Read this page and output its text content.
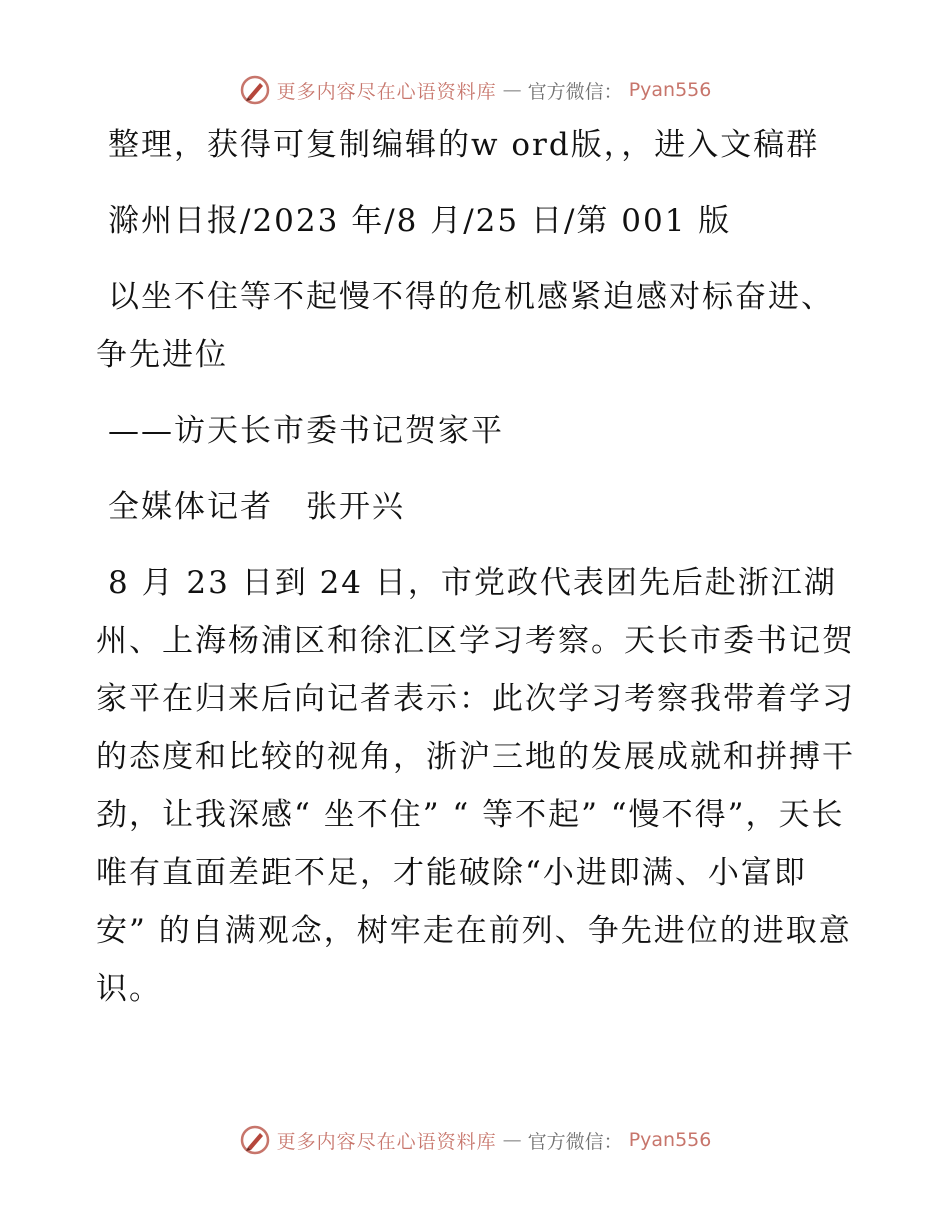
更多内容尽在心语资料库 — 官方微信： Pyan556

整理，获得可复制编辑的w ord版，，进入文稿群

滁州日报/2023 年/8 月/25 日/第 001 版

以坐不住等不起慢不得的危机感紧迫感对标奋进、争先进位

——访天长市委书记贺家平

全媒体记者　张开兴

8 月 23 日到 24 日，市党政代表团先后赴浙江湖州、上海杨浦区和徐汇区学习考察。天长市委书记贺家平在归来后向记者表示：此次学习考察我带着学习的态度和比较的视角，浙沪三地的发展成就和拼搏干劲，让我深感“ 坐不住” “ 等不起” “慢不得”，天长唯有直面差距不足，才能破除“小进即满、小富即安” 的自满观念，树牢走在前列、争先进位的进取意识。

更多内容尽在心语资料库 — 官方微信： Pyan556
